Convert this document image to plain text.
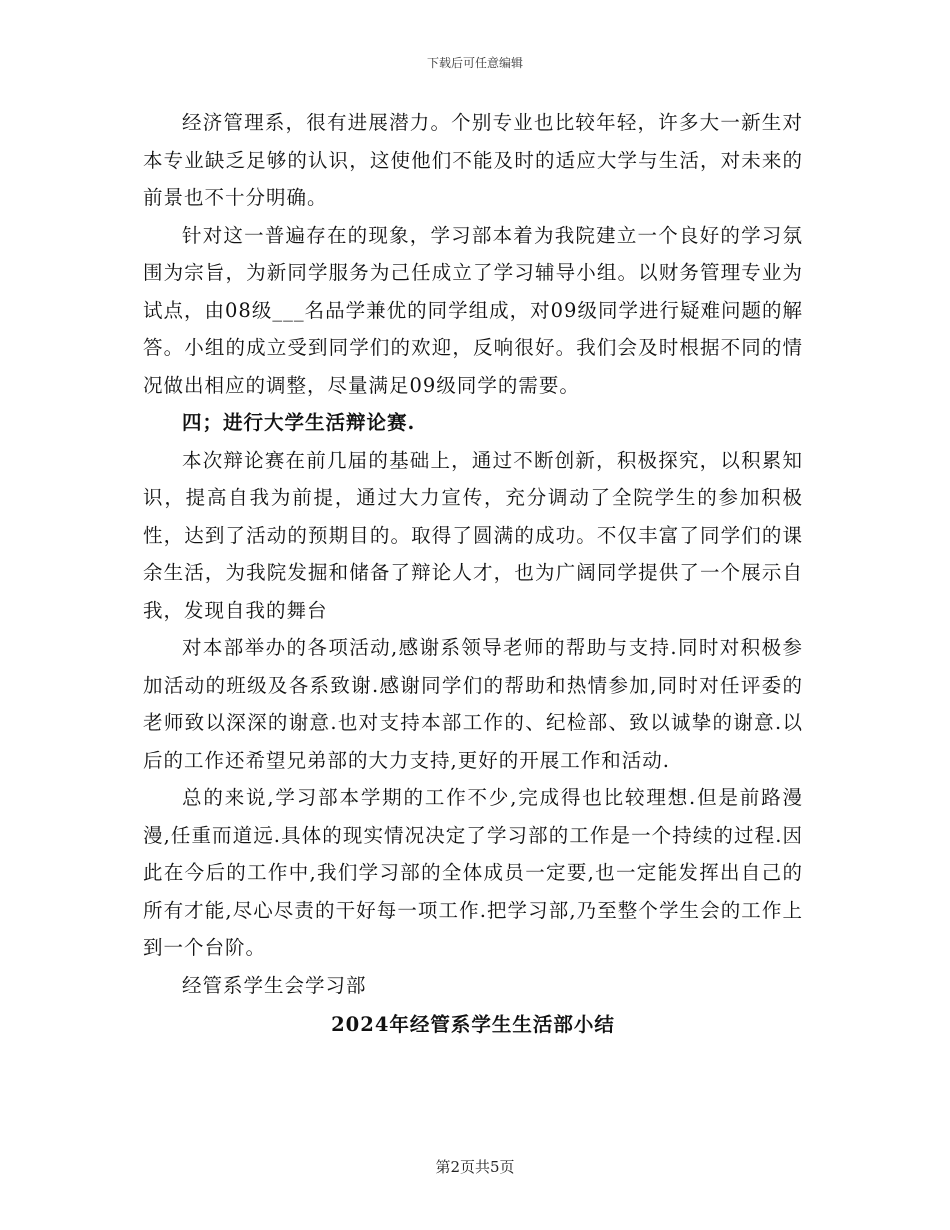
下载后可任意编辑

经济管理系，很有进展潜力。个别专业也比较年轻，许多大一新生对本专业缺乏足够的认识，这使他们不能及时的适应大学与生活，对未来的前景也不十分明确。

针对这一普遍存在的现象，学习部本着为我院建立一个良好的学习氛围为宗旨，为新同学服务为己任成立了学习辅导小组。以财务管理专业为试点，由08级___名品学兼优的同学组成，对09级同学进行疑难问题的解答。小组的成立受到同学们的欢迎，反响很好。我们会及时根据不同的情况做出相应的调整，尽量满足09级同学的需要。

四；进行大学生活辩论赛.

本次辩论赛在前几届的基础上，通过不断创新，积极探究，以积累知识，提高自我为前提，通过大力宣传，充分调动了全院学生的参加积极性，达到了活动的预期目的。取得了圆满的成功。不仅丰富了同学们的课余生活，为我院发掘和储备了辩论人才，也为广阔同学提供了一个展示自我，发现自我的舞台

对本部举办的各项活动,感谢系领导老师的帮助与支持.同时对积极参加活动的班级及各系致谢.感谢同学们的帮助和热情参加,同时对任评委的老师致以深深的谢意.也对支持本部工作的、纪检部、致以诚挚的谢意.以后的工作还希望兄弟部的大力支持,更好的开展工作和活动.

总的来说,学习部本学期的工作不少,完成得也比较理想.但是前路漫漫,任重而道远.具体的现实情况决定了学习部的工作是一个持续的过程.因此在今后的工作中,我们学习部的全体成员一定要,也一定能发挥出自己的所有才能,尽心尽责的干好每一项工作.把学习部,乃至整个学生会的工作上到一个台阶。

经管系学生会学习部

2024年经管系学生生活部小结

第2页共5页
